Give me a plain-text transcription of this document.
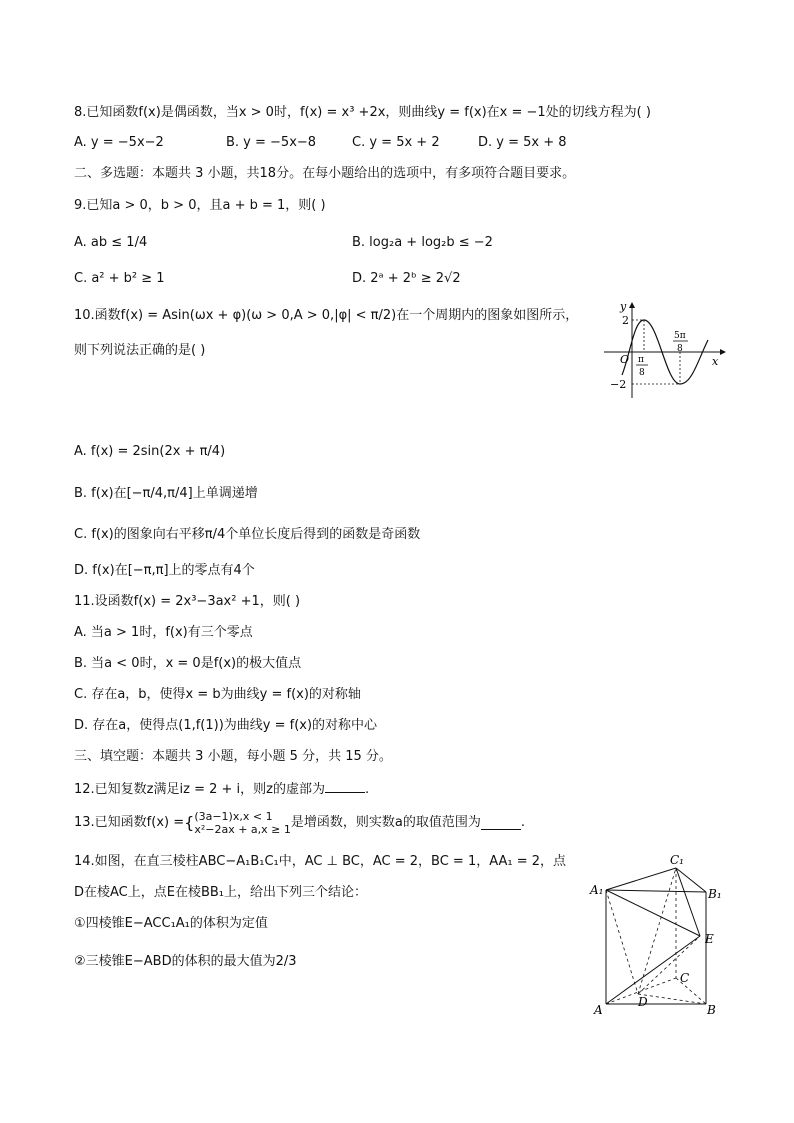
8.已知函数f(x)是偶函数，当x > 0时，f(x) = x³ +2x，则曲线y = f(x)在x = −1处的切线方程为( )
A. y = −5x−2	B. y = −5x−8	C. y = 5x + 2	D. y = 5x + 8
二、多选题：本题共 3 小题，共18分。在每小题给出的选项中，有多项符合题目要求。
9.已知a > 0，b > 0，且a + b = 1，则( )
A. ab ≤ 1/4	B. log₂a + log₂b ≤ −2
C. a² + b² ≥ 1	D. 2ᵃ + 2ᵇ ≥ 2√2
10.函数f(x) = Asin(ωx + φ)(ω > 0,A > 0,|φ| < π/2)在一个周期内的图象如图所示，
则下列说法正确的是( )
y
x
O
2
−2
π
8
5π
8
A. f(x) = 2sin(2x + π/4)
B. f(x)在[−π/4,π/4]上单调递增
C. f(x)的图象向右平移π/4个单位长度后得到的函数是奇函数
D. f(x)在[−π,π]上的零点有4个
11.设函数f(x) = 2x³−3ax² +1，则( )
A. 当a > 1时，f(x)有三个零点
B. 当a < 0时，x = 0是f(x)的极大值点
C. 存在a，b，使得x = b为曲线y = f(x)的对称轴
D. 存在a，使得点(1,f(1))为曲线y = f(x)的对称中心
三、填空题：本题共 3 小题，每小题 5 分，共 15 分。
12.已知复数z满足iz = 2 + i，则z的虚部为	.
13.已知函数f(x) ={ (3a−1)x,x < 1
x²−2ax + a,x ≥ 1 是增函数，则实数a的取值范围为	.
14.如图，在直三棱柱ABC−A₁B₁C₁中，AC ⊥ BC，AC = 2，BC = 1，AA₁ = 2，点
D在棱AC上，点E在棱BB₁上，给出下列三个结论：
①四棱锥E−ACC₁A₁的体积为定值
②三棱锥E−ABD的体积的最大值为2/3
A₁
C₁
B₁
E
A	B
C
D
